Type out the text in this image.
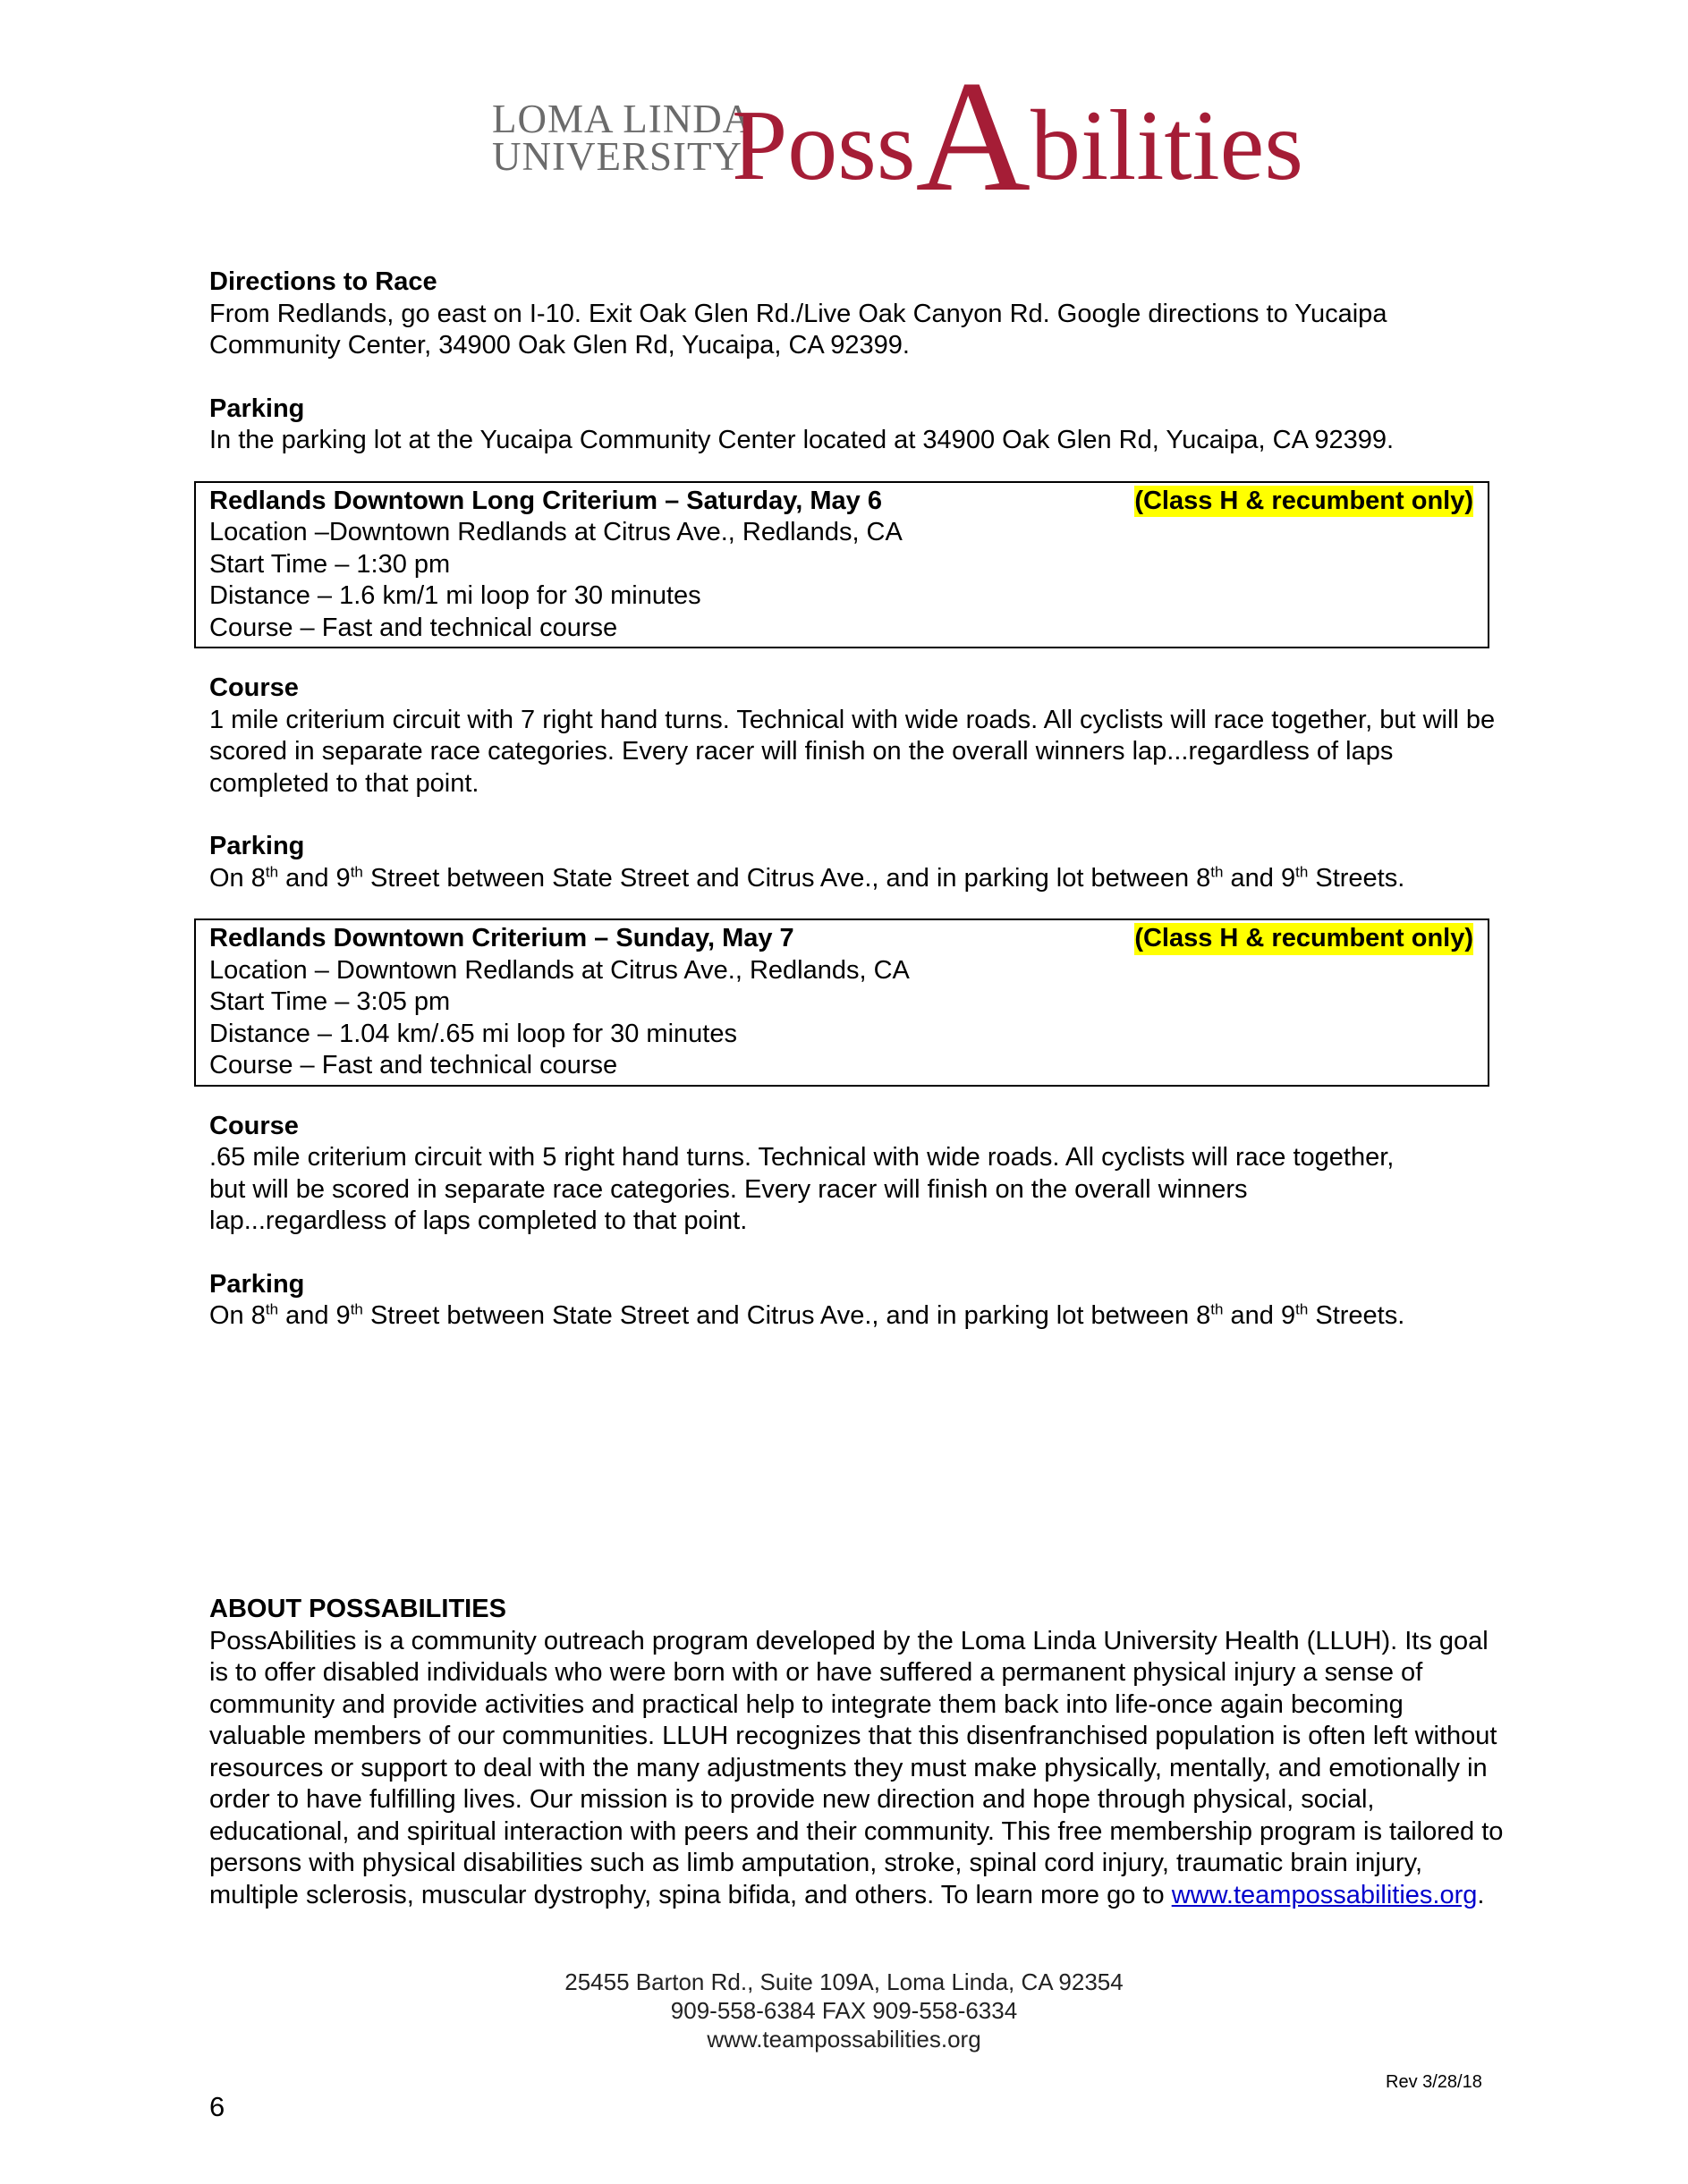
LOMA LINDA
UNIVERSITY
PossAbilities
Directions to Race
From Redlands, go east on I-10. Exit Oak Glen Rd./Live Oak Canyon Rd. Google directions to Yucaipa Community Center, 34900 Oak Glen Rd, Yucaipa, CA 92399.
Parking
In the parking lot at the Yucaipa Community Center located at 34900 Oak Glen Rd, Yucaipa, CA 92399.
(Class H & recumbent only)
Redlands Downtown Long Criterium – Saturday, May 6
Location –Downtown Redlands at Citrus Ave., Redlands, CA
Start Time – 1:30 pm
Distance – 1.6 km/1 mi loop for 30 minutes
Course – Fast and technical course
Course
1 mile criterium circuit with 7 right hand turns. Technical with wide roads. All cyclists will race together, but will be scored in separate race categories. Every racer will finish on the overall winners lap...regardless of laps completed to that point.
Parking
On 8th and 9th Street between State Street and Citrus Ave., and in parking lot between 8th and 9th Streets.
(Class H & recumbent only)
Redlands Downtown Criterium – Sunday, May 7
Location – Downtown Redlands at Citrus Ave., Redlands, CA
Start Time – 3:05 pm
Distance – 1.04 km/.65 mi loop for 30 minutes
Course – Fast and technical course
Course
.65 mile criterium circuit with 5 right hand turns. Technical with wide roads. All cyclists will race together,
but will be scored in separate race categories. Every racer will finish on the overall winners
lap...regardless of laps completed to that point.
Parking
On 8th and 9th Street between State Street and Citrus Ave., and in parking lot between 8th and 9th Streets.
ABOUT POSSABILITIES
PossAbilities is a community outreach program developed by the Loma Linda University Health (LLUH). Its goal is to offer disabled individuals who were born with or have suffered a permanent physical injury a sense of community and provide activities and practical help to integrate them back into life-once again becoming valuable members of our communities. LLUH recognizes that this disenfranchised population is often left without resources or support to deal with the many adjustments they must make physically, mentally, and emotionally in order to have fulfilling lives. Our mission is to provide new direction and hope through physical, social, educational, and spiritual interaction with peers and their community. This free membership program is tailored to persons with physical disabilities such as limb amputation, stroke, spinal cord injury, traumatic brain injury, multiple sclerosis, muscular dystrophy, spina bifida, and others. To learn more go to www.teampossabilities.org.
25455 Barton Rd., Suite 109A, Loma Linda, CA 92354
909-558-6384 FAX 909-558-6334
www.teampossabilities.org
Rev 3/28/18
6
